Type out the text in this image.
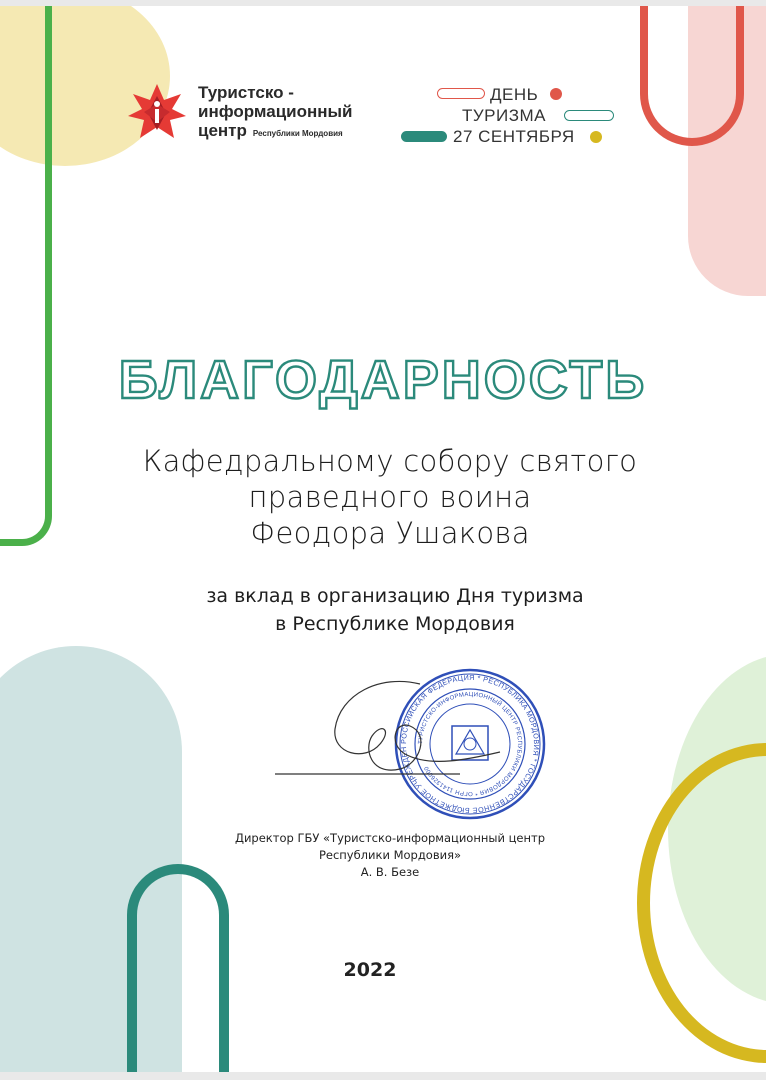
Туристско -
информационный
центр Республики Мордовия
ДЕНЬ
ТУРИЗМА
27 СЕНТЯБРЯ
БЛАГОДАРНОСТЬ
Кафедральному собору святого
праведного воина
Феодора Ушакова
за вклад в организацию Дня туризма
в Республике Мордовия
РОССИЙСКАЯ ФЕДЕРАЦИЯ * РЕСПУБЛИКА МОРДОВИЯ * ГОСУДАРСТВЕННОЕ БЮДЖЕТНОЕ УЧРЕЖДЕН
ТУРИСТСКО-ИНФОРМАЦИОННЫЙ ЦЕНТР РЕСПУБЛИКИ МОРДОВИЯ * ОГРН 1141326000
Директор ГБУ «Туристско-информационный центр
Республики Мордовия»
А. В. Безе
2022
